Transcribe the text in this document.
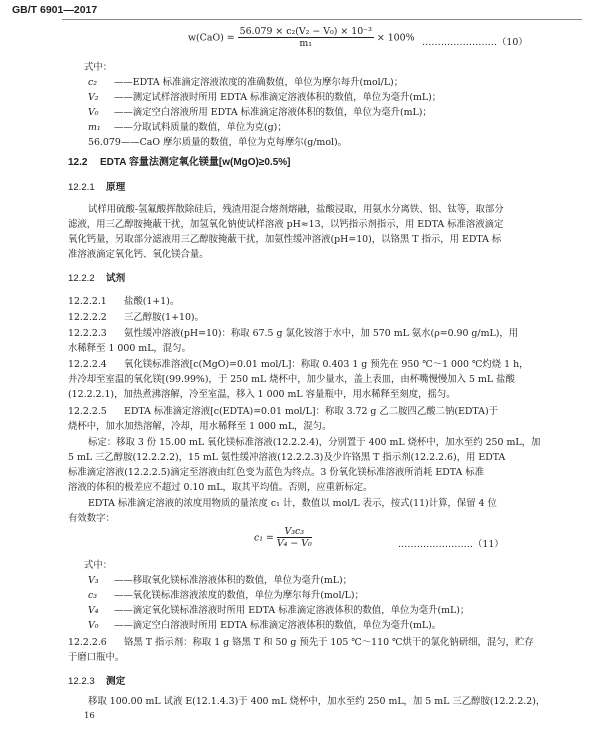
GB/T 6901—2017
$w(CaO) = \frac{\text{56.079 × c₂(V₂ − V₀) × 10⁻³}}{\text{m₁}} \times 100\%$ ……………………（10）
式中：
c₂ ——EDTA 标准滴定溶液浓度的准确数值，单位为摩尔每升(mol/L)；
V₂ ——测定试样溶液时所用 EDTA 标准滴定溶液体积的数值，单位为毫升(mL)；
V₀ ——滴定空白溶液所用 EDTA 标准滴定溶液体积的数值，单位为毫升(mL)；
m₁ ——分取试料质量的数值，单位为克(g)；
56.079——CaO 摩尔质量的数值，单位为克每摩尔(g/mol)。
12.2 EDTA 容量法测定氧化镁量[w(MgO)≥0.5%]
12.2.1 原理
试样用硫酸-氢氟酸挥散除硅后，残渣用混合熔剂熔融，盐酸浸取，用氨水分离铁、铝、钛等，取部分
滤液，用三乙醇胺掩蔽干扰，加氢氧化钠使试样溶液 pH≈13，以钙指示剂指示，用 EDTA 标准溶液滴定
氧化钙量，另取部分滤液用三乙醇胺掩蔽干扰，加氨性缓冲溶液(pH=10)，以铬黑 T 指示，用 EDTA 标
准溶液滴定氧化钙、氧化镁合量。
12.2.2 试剂
12.2.2.1 盐酸(1+1)。
12.2.2.2 三乙醇胺(1+10)。
12.2.2.3 氨性缓冲溶液(pH=10)：称取 67.5 g 氯化铵溶于水中，加 570 mL 氨水(ρ=0.90 g/mL)，用
水稀释至 1 000 mL，混匀。
12.2.2.4 氧化镁标准溶液[c(MgO)=0.01 mol/L]：称取 0.403 1 g 预先在 950 ℃～1 000 ℃灼烧 1 h，
并冷却至室温的氧化镁[(99.99%)，于 250 mL 烧杯中，加少量水，盖上表皿，由杯嘴慢慢加入 5 mL 盐酸
(12.2.2.1)，加热煮沸溶解，冷至室温，移入 1 000 mL 容量瓶中，用水稀释至刻度，摇匀。
12.2.2.5 EDTA 标准滴定溶液[c(EDTA)=0.01 mol/L]：称取 3.72 g 乙二胺四乙酸二钠(EDTA)于
烧杯中，加水加热溶解，冷却，用水稀释至 1 000 mL，混匀。
标定：移取 3 份 15.00 mL 氧化镁标准溶液(12.2.2.4)，分别置于 400 mL 烧杯中，加水至约 250 mL，加
5 mL 三乙醇胺(12.2.2.2)，15 mL 氨性缓冲溶液(12.2.2.3)及少许铬黑 T 指示剂(12.2.2.6)，用 EDTA
标准滴定溶液(12.2.2.5)滴定至溶液由红色变为蓝色为终点。3 份氧化镁标准溶液所消耗 EDTA 标准
溶液的体积的极差应不超过 0.10 mL，取其平均值。否则，应重新标定。
EDTA 标准滴定溶液的浓度用物质的量浓度 c₁ 计，数值以 mol/L 表示，按式(11)计算，保留 4 位
有效数字：
$c_1 = \frac{\text{V₃c₃}}{\text{V₄ − V₀}}$	……………………（11）
式中：
V₃ ——移取氧化镁标准溶液体积的数值，单位为毫升(mL)；
c₃ ——氧化镁标准溶液浓度的数值，单位为摩尔每升(mol/L)；
V₄ ——滴定氧化镁标准溶液时所用 EDTA 标准滴定溶液体积的数值，单位为毫升(mL)；
V₀ ——滴定空白溶液时所用 EDTA 标准滴定溶液体积的数值，单位为毫升(mL)。
12.2.2.6 铬黑 T 指示剂：称取 1 g 铬黑 T 和 50 g 预先于 105 ℃～110 ℃烘干的氯化钠研细，混匀，贮存
于磨口瓶中。
12.2.3 测定
移取 100.00 mL 试液 E(12.1.4.3)于 400 mL 烧杯中，加水至约 250 mL，加 5 mL 三乙醇胺(12.2.2.2)，
16
